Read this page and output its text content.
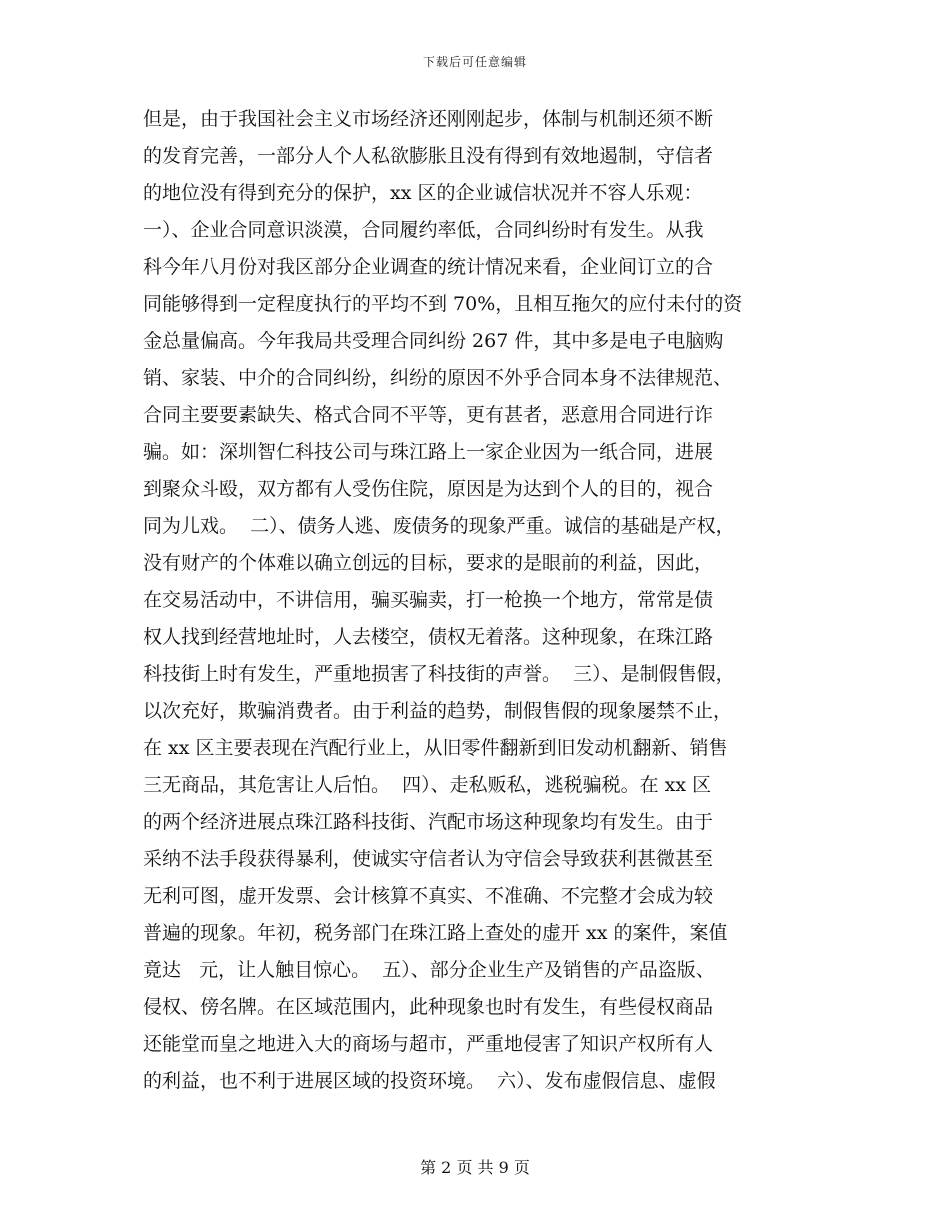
下载后可任意编辑
但是，由于我国社会主义市场经济还刚刚起步，体制与机制还须不断
的发育完善，一部分人个人私欲膨胀且没有得到有效地遏制，守信者
的地位没有得到充分的保护，xx 区的企业诚信状况并不容人乐观：
一）、企业合同意识淡漠，合同履约率低，合同纠纷时有发生。从我
科今年八月份对我区部分企业调查的统计情况来看，企业间订立的合
同能够得到一定程度执行的平均不到 70%，且相互拖欠的应付未付的资
金总量偏高。今年我局共受理合同纠纷 267 件，其中多是电子电脑购
销、家装、中介的合同纠纷，纠纷的原因不外乎合同本身不法律规范、
合同主要要素缺失、格式合同不平等，更有甚者，恶意用合同进行诈
骗。如：深圳智仁科技公司与珠江路上一家企业因为一纸合同，进展
到聚众斗殴，双方都有人受伤住院，原因是为达到个人的目的，视合
同为儿戏。  二）、债务人逃、废债务的现象严重。诚信的基础是产权，
没有财产的个体难以确立创远的目标，要求的是眼前的利益，因此，
在交易活动中，不讲信用，骗买骗卖，打一枪换一个地方，常常是债
权人找到经营地址时，人去楼空，债权无着落。这种现象，在珠江路
科技街上时有发生，严重地损害了科技街的声誉。  三）、是制假售假，
以次充好，欺骗消费者。由于利益的趋势，制假售假的现象屡禁不止，
在 xx 区主要表现在汽配行业上，从旧零件翻新到旧发动机翻新、销售
三无商品，其危害让人后怕。  四）、走私贩私，逃税骗税。在 xx 区
的两个经济进展点珠江路科技街、汽配市场这种现象均有发生。由于
采纳不法手段获得暴利，使诚实守信者认为守信会导致获利甚微甚至
无利可图，虚开发票、会计核算不真实、不准确、不完整才会成为较
普遍的现象。年初，税务部门在珠江路上查处的虚开 xx 的案件，案值
竟达   元，让人触目惊心。  五）、部分企业生产及销售的产品盗版、
侵权、傍名牌。在区域范围内，此种现象也时有发生，有些侵权商品
还能堂而皇之地进入大的商场与超市，严重地侵害了知识产权所有人
的利益，也不利于进展区域的投资环境。  六）、发布虚假信息、虚假
第 2 页 共 9 页
